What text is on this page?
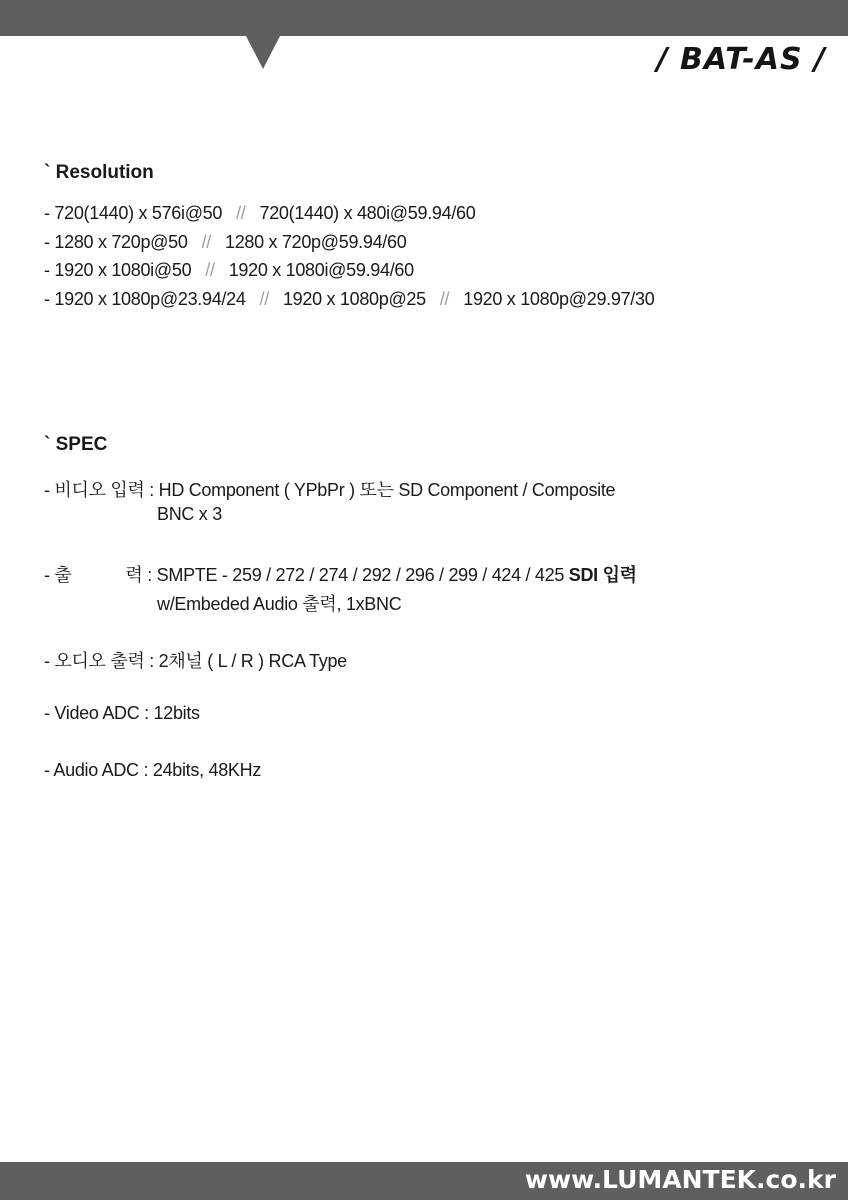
/ BAT-AS /
` Resolution
- 720(1440) x 576i@50 // 720(1440) x 480i@59.94/60
- 1280 x 720p@50 // 1280 x 720p@59.94/60
- 1920 x 1080i@50 // 1920 x 1080i@59.94/60
- 1920 x 1080p@23.94/24 // 1920 x 1080p@25 // 1920 x 1080p@29.97/30
` SPEC
- 비디오 입력 : HD Component ( YPbPr ) 또는 SD Component / Composite
BNC x 3
- 출	력 : SMPTE - 259 / 272 / 274 / 292 / 296 / 299 / 424 / 425 SDI 입력
w/Embeded Audio 출력, 1xBNC
- 오디오 출력 : 2채널 ( L / R ) RCA Type
- Video ADC : 12bits
- Audio ADC : 24bits, 48KHz
www.LUMANTEK.co.kr
